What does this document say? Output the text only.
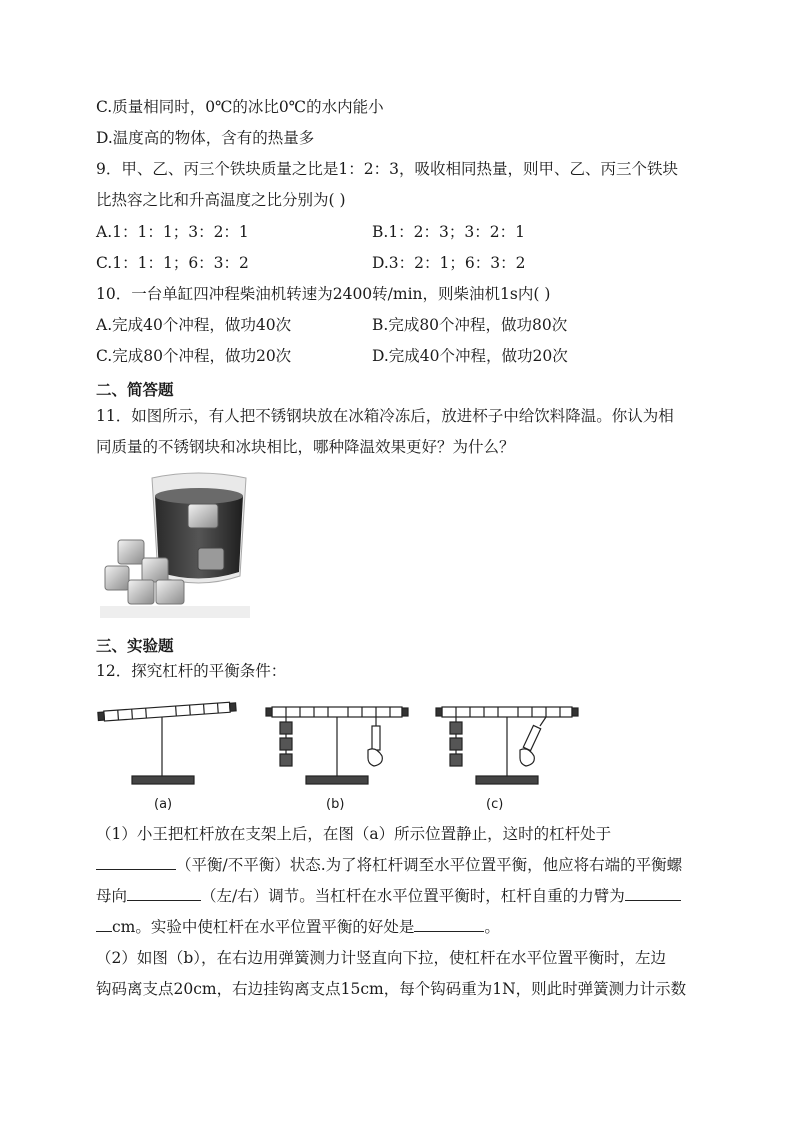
C.质量相同时，0℃的冰比0℃的水内能小
D.温度高的物体，含有的热量多
9．甲、乙、丙三个铁块质量之比是1：2：3，吸收相同热量，则甲、乙、丙三个铁块
比热容之比和升高温度之比分别为( )
A.1：1：1；3：2：1	B.1：2：3；3：2：1
C.1：1：1；6：3：2	D.3：2：1；6：3：2
10．一台单缸四冲程柴油机转速为2400转/min，则柴油机1s内( )
A.完成40个冲程，做功40次	B.完成80个冲程，做功80次
C.完成80个冲程，做功20次	D.完成40个冲程，做功20次
二、简答题
11．如图所示，有人把不锈钢块放在冰箱冷冻后，放进杯子中给饮料降温。你认为相
同质量的不锈钢块和冰块相比，哪种降温效果更好？为什么？
三、实验题
12．探究杠杆的平衡条件：
(a)	(b)	(c)
（1）小王把杠杆放在支架上后，在图（a）所示位置静止，这时的杠杆处于
（平衡/不平衡）状态.为了将杠杆调至水平位置平衡，他应将右端的平衡螺
母向	（左/右）调节。当杠杆在水平位置平衡时，杠杆自重的力臂为
cm。实验中使杠杆在水平位置平衡的好处是	。
（2）如图（b），在右边用弹簧测力计竖直向下拉，使杠杆在水平位置平衡时，左边
钩码离支点20cm，右边挂钩离支点15cm，每个钩码重为1N，则此时弹簧测力计示数
